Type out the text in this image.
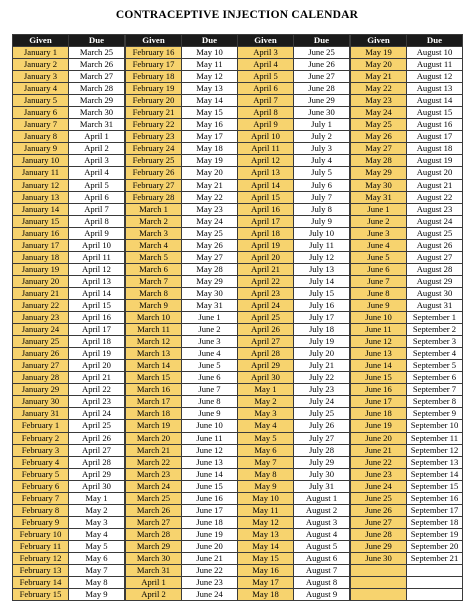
CONTRACEPTIVE INJECTION CALENDAR
Given	Due
January 1	March 25
January 2	March 26
January 3	March 27
January 4	March 28
January 5	March 29
January 6	March 30
January 7	March 31
January 8	April 1
January 9	April 2
January 10	April 3
January 11	April 4
January 12	April 5
January 13	April 6
January 14	April 7
January 15	April 8
January 16	April 9
January 17	April 10
January 18	April 11
January 19	April 12
January 20	April 13
January 21	April 14
January 22	April 15
January 23	April 16
January 24	April 17
January 25	April 18
January 26	April 19
January 27	April 20
January 28	April 21
January 29	April 22
January 30	April 23
January 31	April 24
February 1	April 25
February 2	April 26
February 3	April 27
February 4	April 28
February 5	April 29
February 6	April 30
February 7	May 1
February 8	May 2
February 9	May 3
February 10	May 4
February 11	May 5
February 12	May 6
February 13	May 7
February 14	May 8
February 15	May 9
Given	Due
February 16	May 10
February 17	May 11
February 18	May 12
February 19	May 13
February 20	May 14
February 21	May 15
February 22	May 16
February 23	May 17
February 24	May 18
February 25	May 19
February 26	May 20
February 27	May 21
February 28	May 22
March 1	May 23
March 2	May 24
March 3	May 25
March 4	May 26
March 5	May 27
March 6	May 28
March 7	May 29
March 8	May 30
March 9	May 31
March 10	June 1
March 11	June 2
March 12	June 3
March 13	June 4
March 14	June 5
March 15	June 6
March 16	June 7
March 17	June 8
March 18	June 9
March 19	June 10
March 20	June 11
March 21	June 12
March 22	June 13
March 23	June 14
March 24	June 15
March 25	June 16
March 26	June 17
March 27	June 18
March 28	June 19
March 29	June 20
March 30	June 21
March 31	June 22
April 1	June 23
April 2	June 24
Given	Due
April 3	June 25
April 4	June 26
April 5	June 27
April 6	June 28
April 7	June 29
April 8	June 30
April 9	July 1
April 10	July 2
April 11	July 3
April 12	July 4
April 13	July 5
April 14	July 6
April 15	July 7
April 16	July 8
April 17	July 9
April 18	July 10
April 19	July 11
April 20	July 12
April 21	July 13
April 22	July 14
April 23	July 15
April 24	July 16
April 25	July 17
April 26	July 18
April 27	July 19
April 28	July 20
April 29	July 21
April 30	July 22
May 1	July 23
May 2	July 24
May 3	July 25
May 4	July 26
May 5	July 27
May 6	July 28
May 7	July 29
May 8	July 30
May 9	July 31
May 10	August 1
May 11	August 2
May 12	August 3
May 13	August 4
May 14	August 5
May 15	August 6
May 16	August 7
May 17	August 8
May 18	August 9
Given	Due
May 19	August 10
May 20	August 11
May 21	August 12
May 22	August 13
May 23	August 14
May 24	August 15
May 25	August 16
May 26	August 17
May 27	August 18
May 28	August 19
May 29	August 20
May 30	August 21
May 31	August 22
June 1	August 23
June 2	August 24
June 3	August 25
June 4	August 26
June 5	August 27
June 6	August 28
June 7	August 29
June 8	August 30
June 9	August 31
June 10	September 1
June 11	September 2
June 12	September 3
June 13	September 4
June 14	September 5
June 15	September 6
June 16	September 7
June 17	September 8
June 18	September 9
June 19	September 10
June 20	September 11
June 21	September 12
June 22	September 13
June 23	September 14
June 24	September 15
June 25	September 16
June 26	September 17
June 27	September 18
June 28	September 19
June 29	September 20
June 30	September 21
